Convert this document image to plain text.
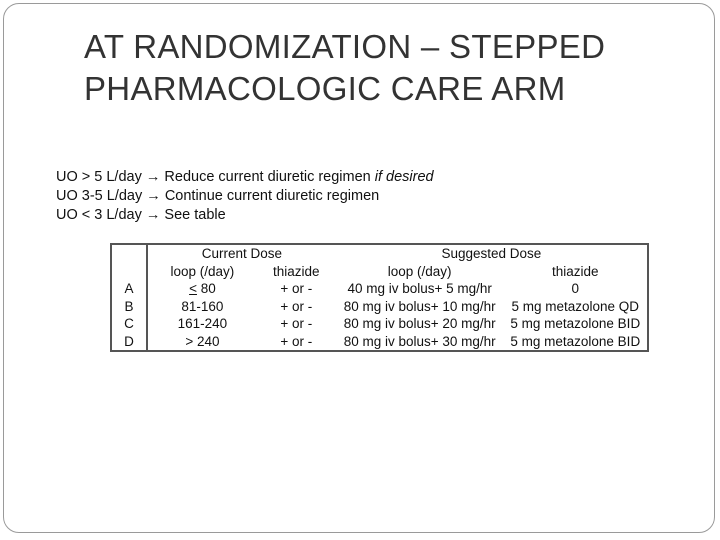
AT RANDOMIZATION – STEPPED
PHARMACOLOGIC CARE ARM
UO > 5 L/day → Reduce current diuretic regimen if desired
UO 3-5 L/day → Continue current diuretic regimen
UO < 3 L/day → See table
	Current Dose		Suggested Dose	
	loop (/day)	thiazide	loop (/day)	thiazide
A	≤ 80	+ or -	40 mg iv bolus+ 5 mg/hr	0
B	81-160	+ or -	80 mg iv bolus+ 10 mg/hr	5 mg metazolone QD
C	161-240	+ or -	80 mg iv bolus+ 20 mg/hr	5 mg metazolone BID
D	> 240	+ or -	80 mg iv bolus+ 30 mg/hr	5 mg metazolone BID
